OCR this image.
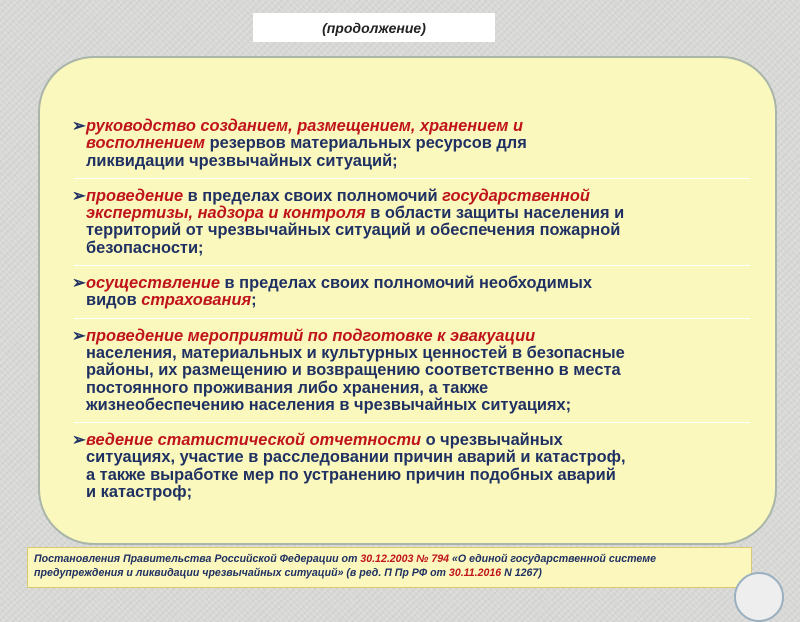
(продолжение)
➢ руководство созданием, размещением, хранением и
восполнением резервов материальных ресурсов для
ликвидации чрезвычайных ситуаций;
➢ проведение в пределах своих полномочий государственной
экспертизы, надзора и контроля в области защиты населения и
территорий от чрезвычайных ситуаций и обеспечения пожарной
безопасности;
➢ осуществление в пределах своих полномочий необходимых
видов страхования;
➢ проведение мероприятий по подготовке к эвакуации
населения, материальных и культурных ценностей в безопасные
районы, их размещению и возвращению соответственно в места
постоянного проживания либо хранения, а также
жизнеобеспечению населения в чрезвычайных ситуациях;
➢ ведение статистической отчетности о чрезвычайных
ситуациях, участие в расследовании причин аварий и катастроф,
а также выработке мер по устранению причин подобных аварий
и катастроф;
Постановления Правительства Российской Федерации от 30.12.2003 № 794 «О единой государственной системе предупреждения и ликвидации чрезвычайных ситуаций» (в ред. П Пр РФ от 30.11.2016 N 1267)
